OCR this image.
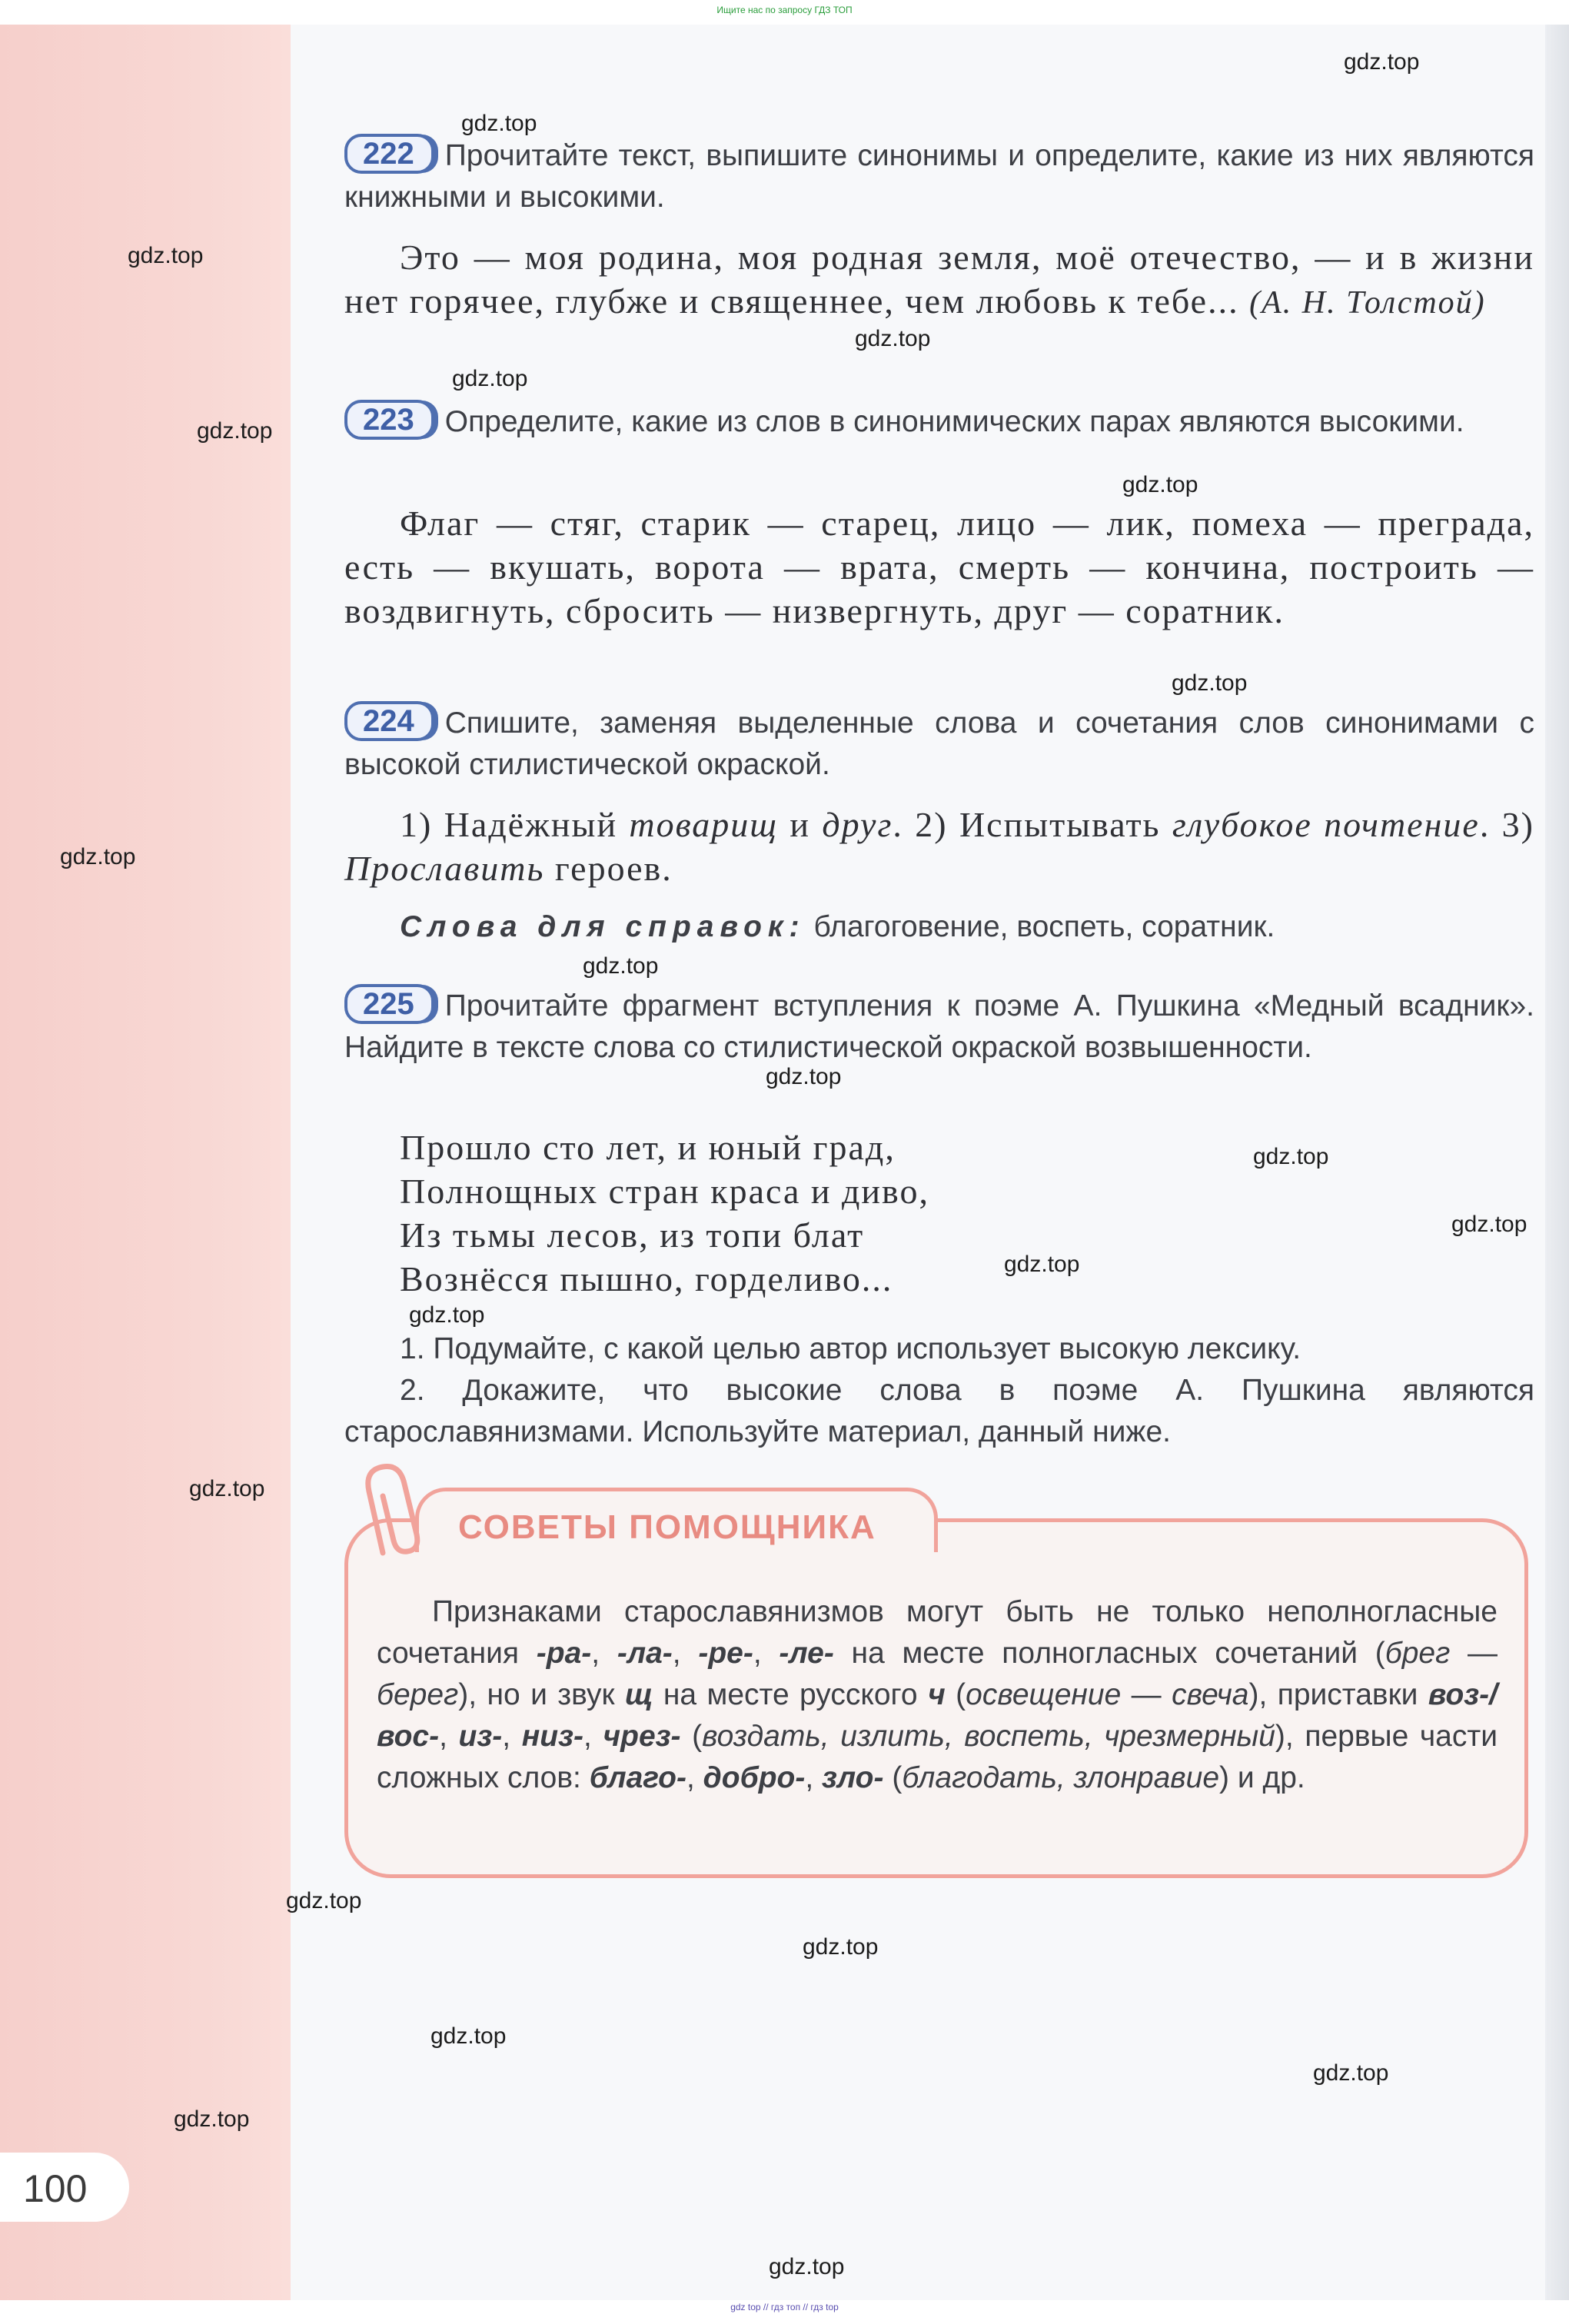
Ищите нас по запросу ГДЗ ТОП
gdz.top
gdz.top
gdz.top
gdz.top
gdz.top
gdz.top
gdz.top
gdz.top
gdz.top
gdz.top
gdz.top
gdz.top
gdz.top
gdz.top
gdz.top
gdz.top
gdz.top
gdz.top
gdz.top
gdz.top
gdz.top
gdz.top
222 Прочитайте текст, выпишите синонимы и определите, какие из них являются книжными и высокими.
Это — моя родина, моя родная земля, моё отечество, — и в жизни нет горячее, глубже и священнее, чем любовь к тебе... (А. Н. Толстой)
223 Определите, какие из слов в синонимических парах являются высокими.
Флаг — стяг, старик — старец, лицо — лик, помеха — преграда, есть — вкушать, ворота — врата, смерть — кончина, построить — воздвигнуть, сбросить — низвергнуть, друг — соратник.
224 Спишите, заменяя выделенные слова и сочетания слов синонимами с высокой стилистической окраской.
1) Надёжный товарищ и друг. 2) Испытывать глубокое почтение. 3) Прославить героев.
Слова для справок: благоговение, воспеть, соратник.
225 Прочитайте фрагмент вступления к поэме А. Пушкина «Медный всадник». Найдите в тексте слова со стилистической окраской возвышенности.
Прошло сто лет, и юный град,
Полнощных стран краса и диво,
Из тьмы лесов, из топи блат
Вознёсся пышно, горделиво...

1. Подумайте, с какой целью автор использует высокую лексику.

2. Докажите, что высокие слова в поэме А. Пушкина являются старославянизмами. Используйте материал, данный ниже.

СОВЕТЫ ПОМОЩНИКА
Признаками старославянизмов могут быть не только неполногласные сочетания -ра-, -ла-, -ре-, -ле- на месте полногласных сочетаний (брег — берег), но и звук щ на месте русского ч (освещение — свеча), приставки воз-/вос-, из-, низ-, чрез- (воздать, излить, воспеть, чрезмерный), первые части сложных слов: благо-, добро-, зло- (благодать, злонравие) и др.
100
gdz top // гдз топ // гдз top
